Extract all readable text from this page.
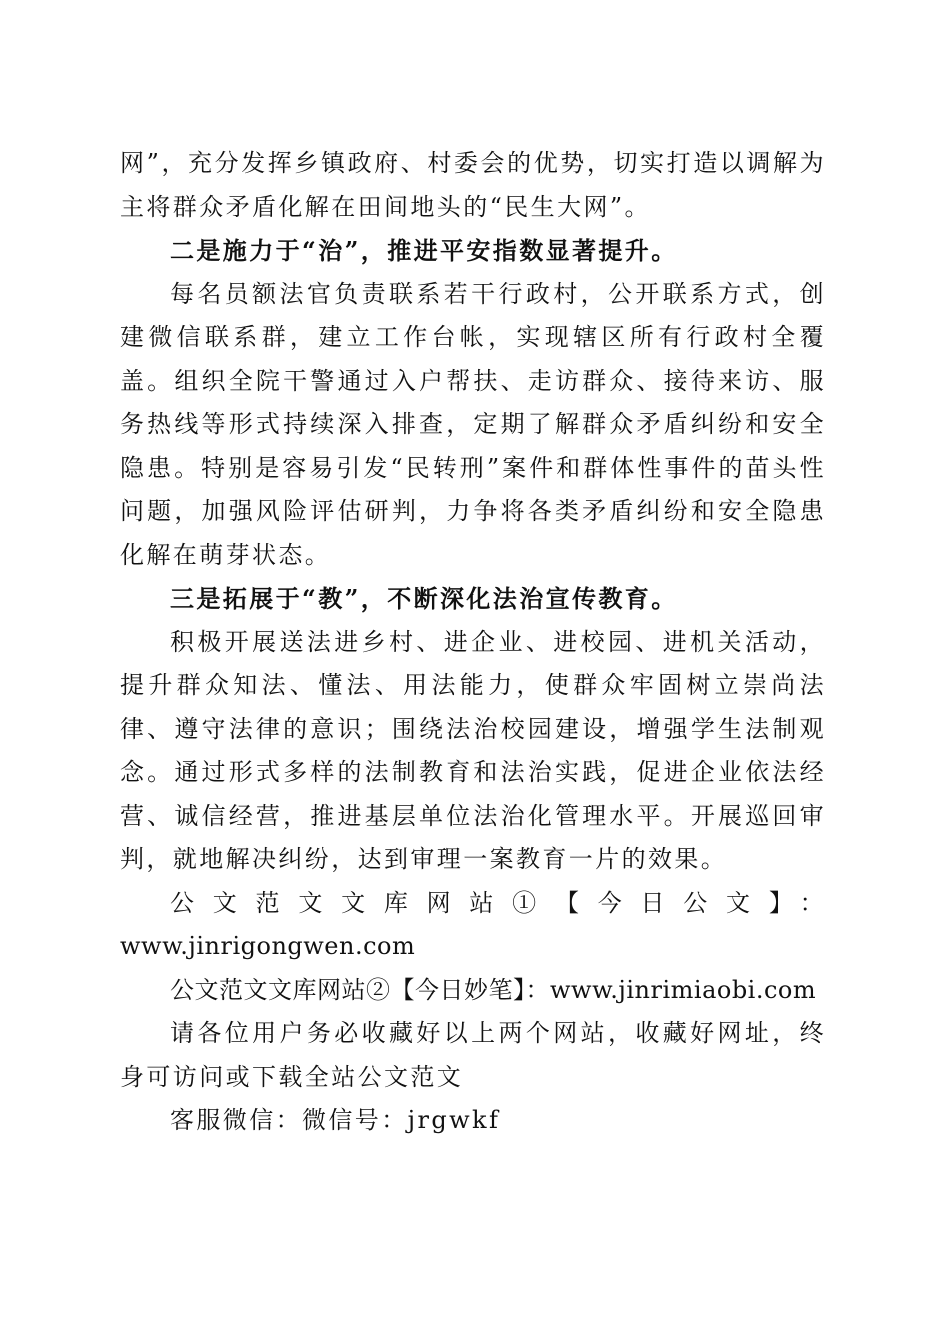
网”，充分发挥乡镇政府、村委会的优势，切实打造以调解为主将群众矛盾化解在田间地头的“民生大网”。

二是施力于“治”，推进平安指数显著提升。

每名员额法官负责联系若干行政村，公开联系方式，创建微信联系群，建立工作台帐，实现辖区所有行政村全覆盖。组织全院干警通过入户帮扶、走访群众、接待来访、服务热线等形式持续深入排查，定期了解群众矛盾纠纷和安全隐患。特别是容易引发“民转刑”案件和群体性事件的苗头性问题，加强风险评估研判，力争将各类矛盾纠纷和安全隐患化解在萌芽状态。

三是拓展于“教”，不断深化法治宣传教育。

积极开展送法进乡村、进企业、进校园、进机关活动，提升群众知法、懂法、用法能力，使群众牢固树立崇尚法律、遵守法律的意识；围绕法治校园建设，增强学生法制观念。通过形式多样的法制教育和法治实践，促进企业依法经营、诚信经营，推进基层单位法治化管理水平。开展巡回审判，就地解决纠纷，达到审理一案教育一片的效果。

公文范文文库网站①【今日公文】：

www.jinrigongwen.com

公文范文文库网站②【今日妙笔】：www.jinrimiaobi.com

请各位用户务必收藏好以上两个网站，收藏好网址，终身可访问或下载全站公文范文

客服微信：微信号：jrgwkf
